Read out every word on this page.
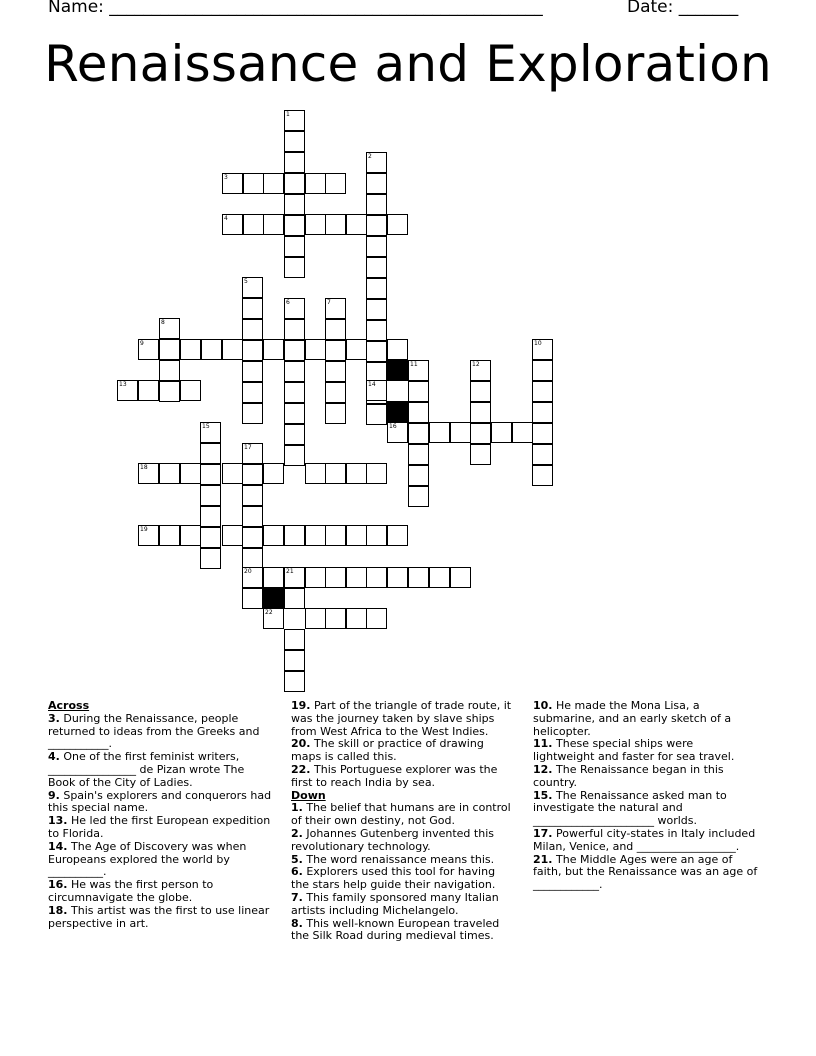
Name: ___________________________________________________	Date: _______
Renaissance and Exploration
1
2
3
4
5
6	7
8
9	10
11	12
13	14
16
15
17
18
19
20	21
22
Across
3. During the Renaissance, people returned to ideas from the Greeks and ___________.
4. One of the first feminist writers, ________________ de Pizan wrote The Book of the City of Ladies.
9. Spain's explorers and conquerors had this special name.
13. He led the first European expedition to Florida.
14. The Age of Discovery was when Europeans explored the world by __________.
16. He was the first person to circumnavigate the globe.
18. This artist was the first to use linear perspective in art.
19. Part of the triangle of trade route, it was the journey taken by slave ships from West Africa to the West Indies.
20. The skill or practice of drawing maps is called this.
22. This Portuguese explorer was the first to reach India by sea.
Down
1. The belief that humans are in control of their own destiny, not God.
2. Johannes Gutenberg invented this revolutionary technology.
5. The word renaissance means this.
6. Explorers used this tool for having the stars help guide their navigation.
7. This family sponsored many Italian artists including Michelangelo.
8. This well-known European traveled the Silk Road during medieval times.
10. He made the Mona Lisa, a submarine, and an early sketch of a helicopter.
11. These special ships were lightweight and faster for sea travel.
12. The Renaissance began in this country.
15. The Renaissance asked man to investigate the natural and ______________________ worlds.
17. Powerful city-states in Italy included Milan, Venice, and __________________.
21. The Middle Ages were an age of faith, but the Renaissance was an age of ____________.
